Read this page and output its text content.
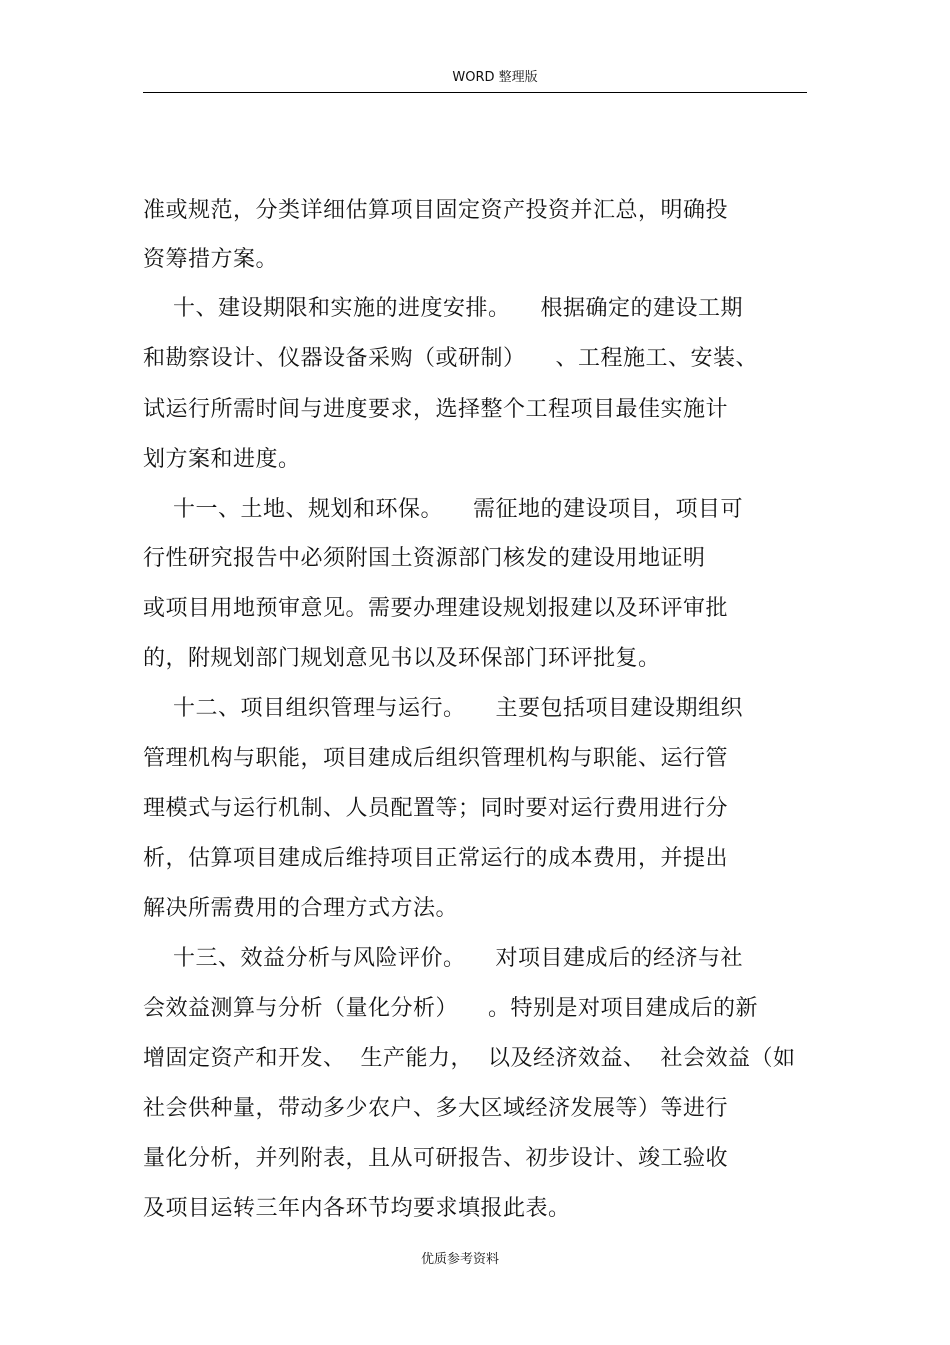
WORD 整理版
准或规范，分类详细估算项目固定资产投资并汇总，明确投
资筹措方案。
十、建设期限和实施的进度安排。    根据确定的建设工期
和勘察设计、仪器设备采购（或研制）    、工程施工、安装、
试运行所需时间与进度要求，选择整个工程项目最佳实施计
划方案和进度。
十一、土地、规划和环保。    需征地的建设项目，项目可
行性研究报告中必须附国土资源部门核发的建设用地证明
或项目用地预审意见。需要办理建设规划报建以及环评审批
的，附规划部门规划意见书以及环保部门环评批复。
十二、项目组织管理与运行。    主要包括项目建设期组织
管理机构与职能，项目建成后组织管理机构与职能、运行管
理模式与运行机制、人员配置等；同时要对运行费用进行分
析，估算项目建成后维持项目正常运行的成本费用，并提出
解决所需费用的合理方式方法。
十三、效益分析与风险评价。    对项目建成后的经济与社
会效益测算与分析（量化分析）    。特别是对项目建成后的新
增固定资产和开发、  生产能力，  以及经济效益、  社会效益（如
社会供种量，带动多少农户、多大区域经济发展等）等进行
量化分析，并列附表，且从可研报告、初步设计、竣工验收
及项目运转三年内各环节均要求填报此表。
优质参考资料
